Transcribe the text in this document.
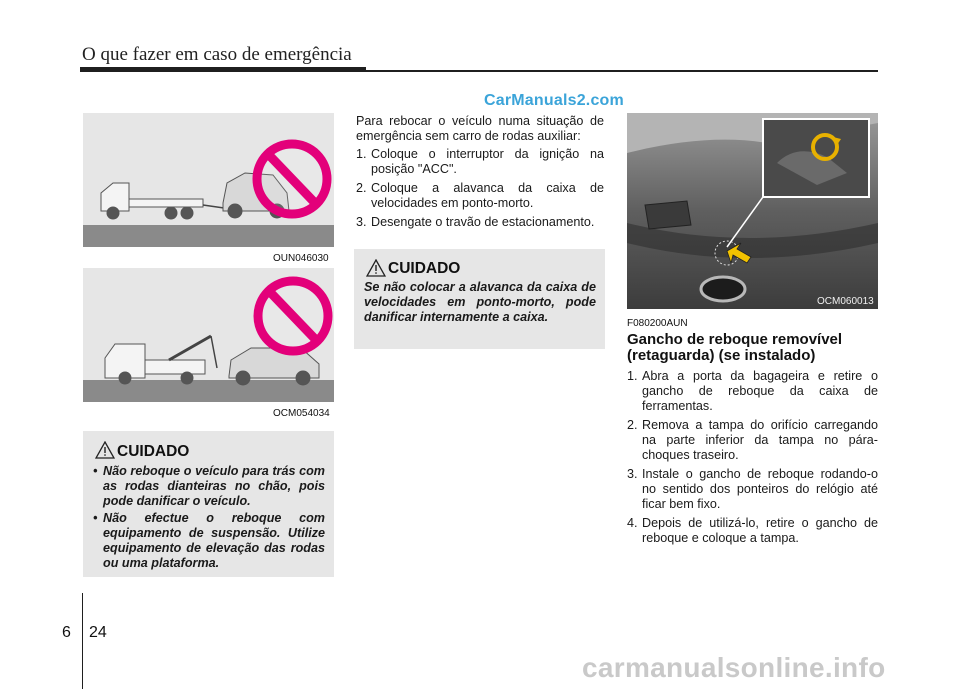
O que fazer em caso de emergência
CarManuals2.com
OUN046030
OCM054034
CUIDADO
• Não reboque o veículo para trás com as rodas dianteiras no chão, pois pode danificar o veículo.
• Não efectue o reboque com equipamento de suspensão. Utilize equipamento de elevação das rodas ou uma plataforma.
Para rebocar o veículo numa situação de emergência sem carro de rodas auxiliar:
1. Coloque o interruptor da ignição na posição "ACC".
2. Coloque a alavanca da caixa de velocidades em ponto-morto.
3. Desengate o travão de estacionamento.
CUIDADO
Se não colocar a alavanca da caixa de velocidades em ponto-morto, pode danificar internamente a caixa.
OCM060013
F080200AUN
Gancho de reboque removível (retaguarda) (se instalado)
1. Abra a porta da bagageira e retire o gancho de reboque da caixa de ferramentas.
2. Remova a tampa do orifício carregando na parte inferior da tampa no pára-choques traseiro.
3. Instale o gancho de reboque rodando-o no sentido dos ponteiros do relógio até ficar bem fixo.
4. Depois de utilizá-lo, retire o gancho de reboque e coloque a tampa.
6 24
carmanualsonline.info
